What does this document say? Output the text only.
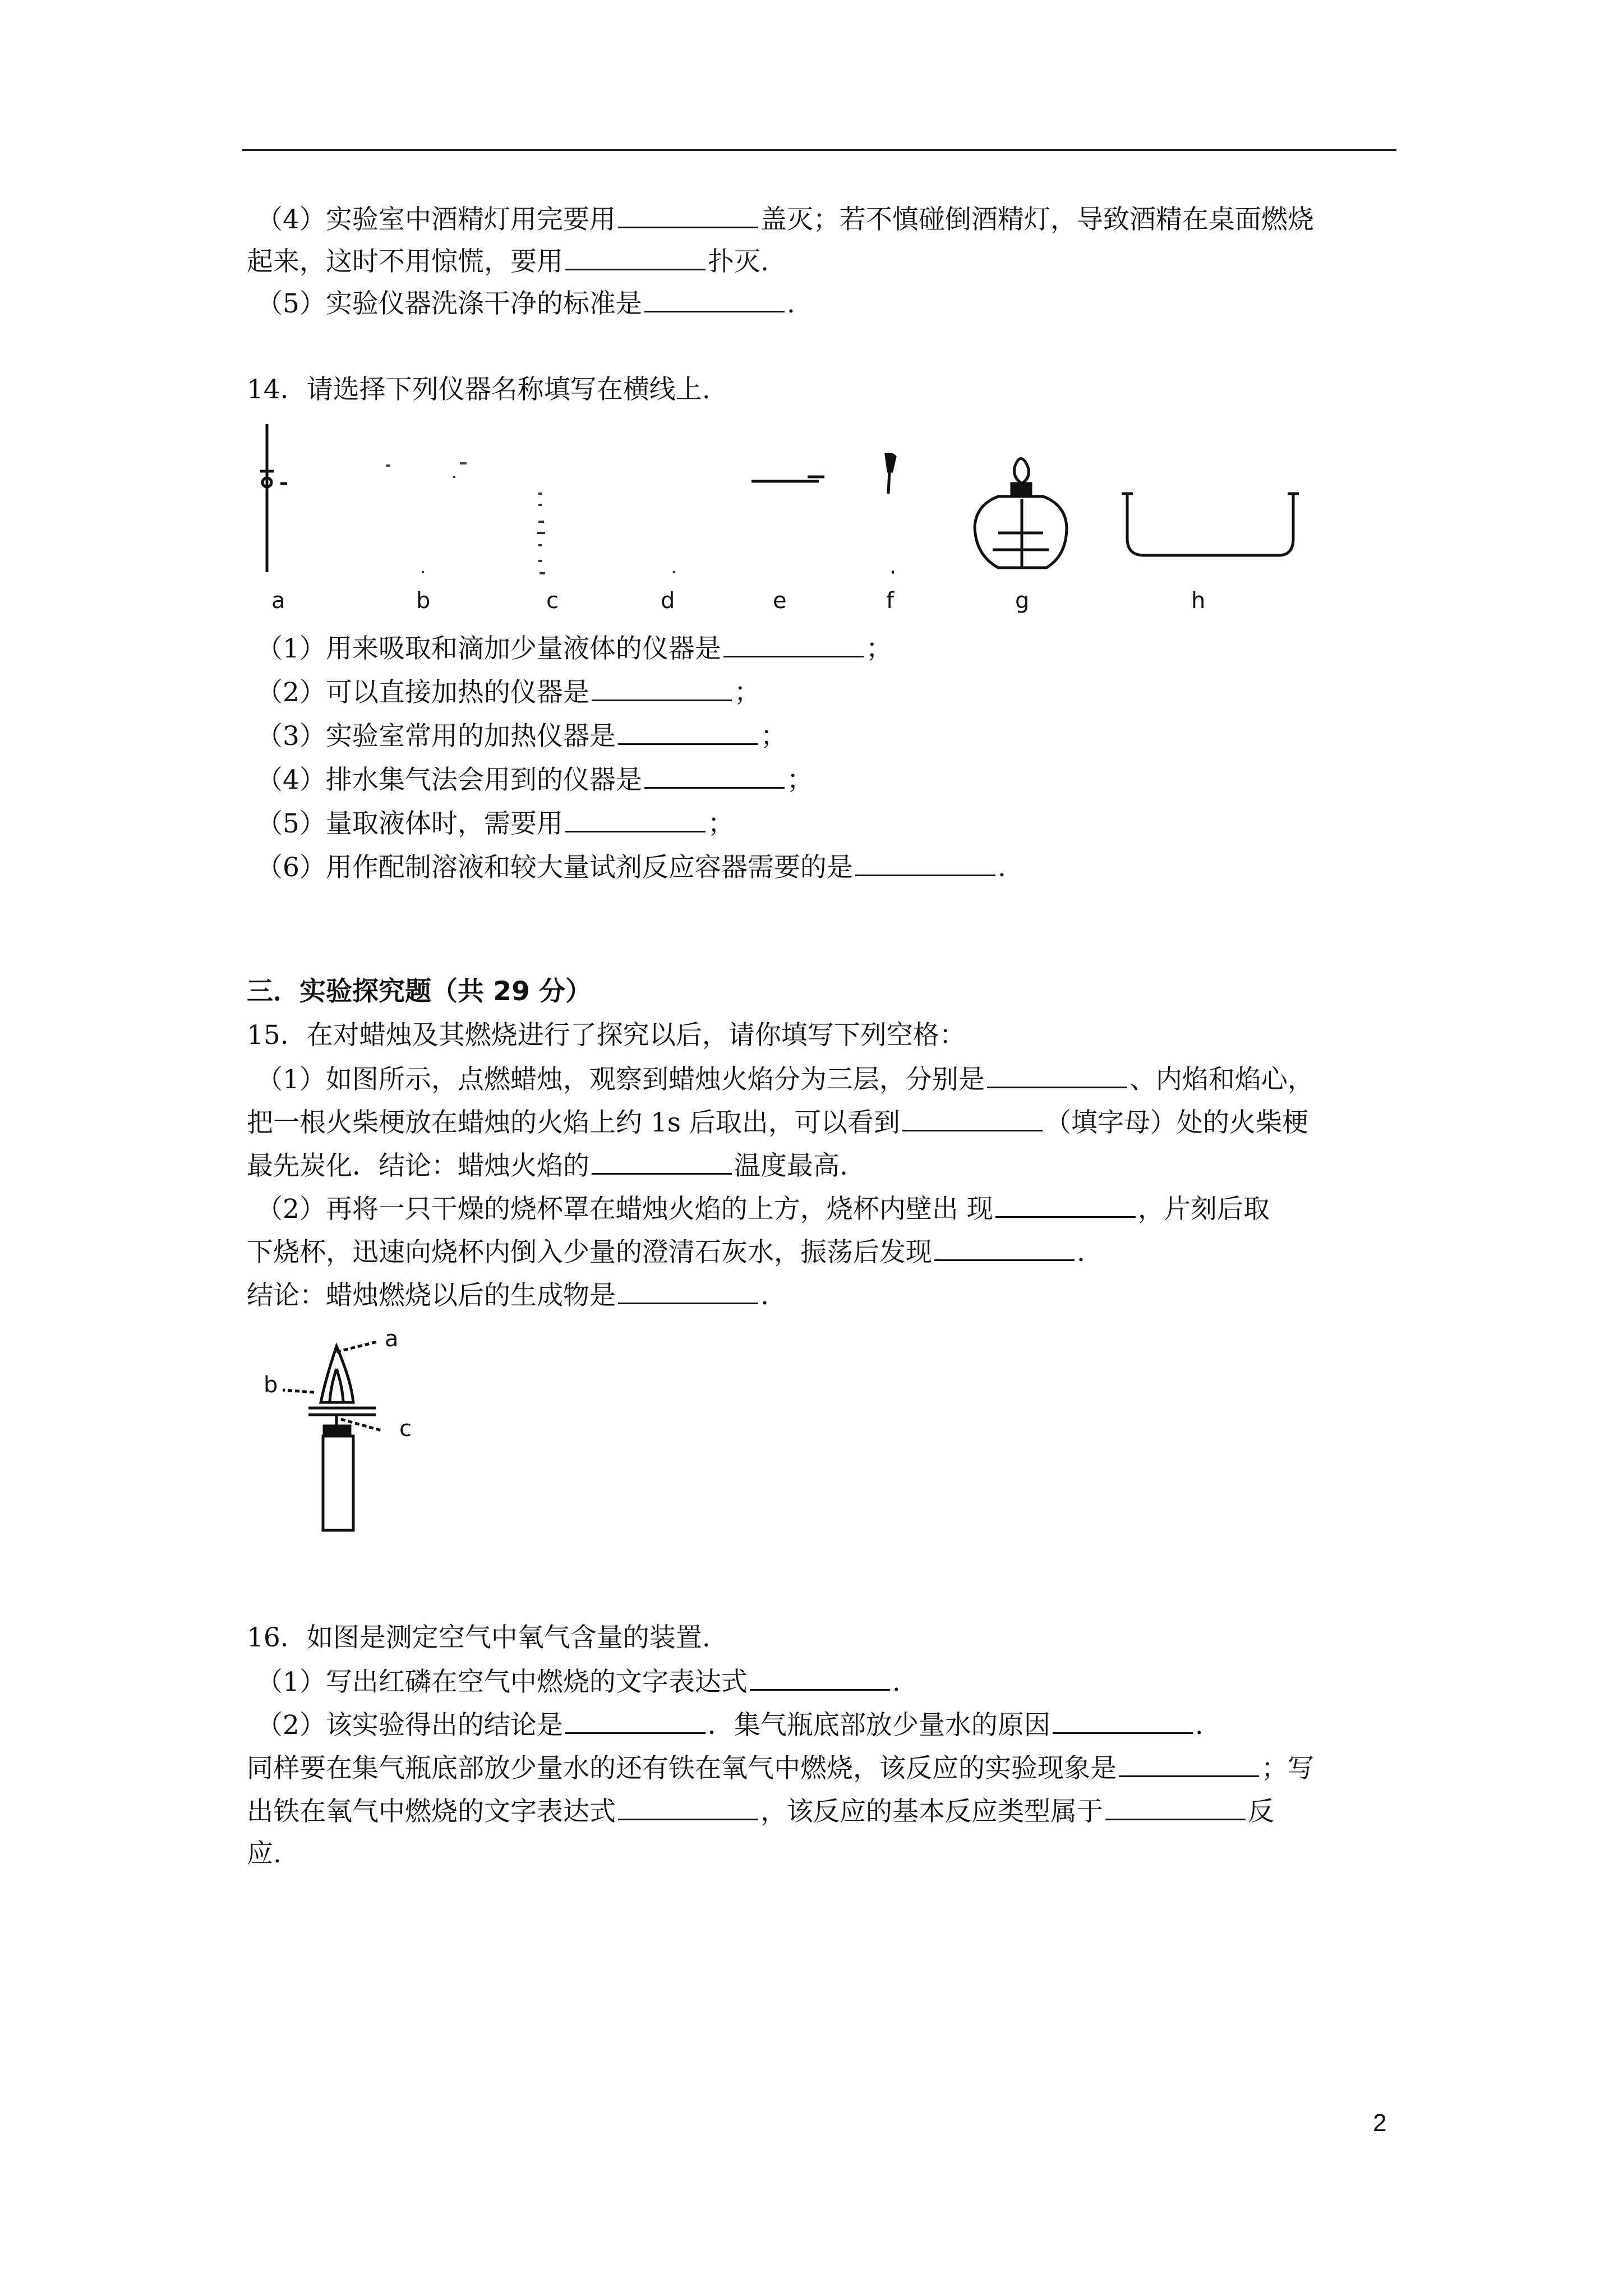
（4）实验室中酒精灯用完要用	盖灭；若不慎碰倒酒精灯，导致酒精在桌面燃烧
起来，这时不用惊慌，要用	扑灭.
（5）实验仪器洗涤干净的标准是	.
14．请选择下列仪器名称填写在横线上.
a	b	c	d	e	f	g	h
（1）用来吸取和滴加少量液体的仪器是	；
（2）可以直接加热的仪器是	；
（3）实验室常用的加热仪器是	；
（4）排水集气法会用到的仪器是	；
（5）量取液体时，需要用	；
（6）用作配制溶液和较大量试剂反应容器需要的是	.
三．实验探究题（共 29 分）
15．在对蜡烛及其燃烧进行了探究以后，请你填写下列空格：
（1）如图所示，点燃蜡烛，观察到蜡烛火焰分为三层，分别是	、内焰和焰心，
把一根火柴梗放在蜡烛的火焰上约 1s 后取出，可以看到	（填字母）处的火柴梗
最先炭化．结论：蜡烛火焰的	温度最高.
（2）再将一只干燥的烧杯罩在蜡烛火焰的上方，烧杯内壁出 现	，片刻后取
下烧杯，迅速向烧杯内倒入少量的澄清石灰水，振荡后发现	.
结论：蜡烛燃烧以后的生成物是	.
a
b
c
16．如图是测定空气中氧气含量的装置.
（1）写出红磷在空气中燃烧的文字表达式	.
（2）该实验得出的结论是	．集气瓶底部放少量水的原因	.
同样要在集气瓶底部放少量水的还有铁在氧气中燃烧，该反应的实验现象是	；写
出铁在氧气中燃烧的文字表达式	，该反应的基本反应类型属于	反
应.
2
